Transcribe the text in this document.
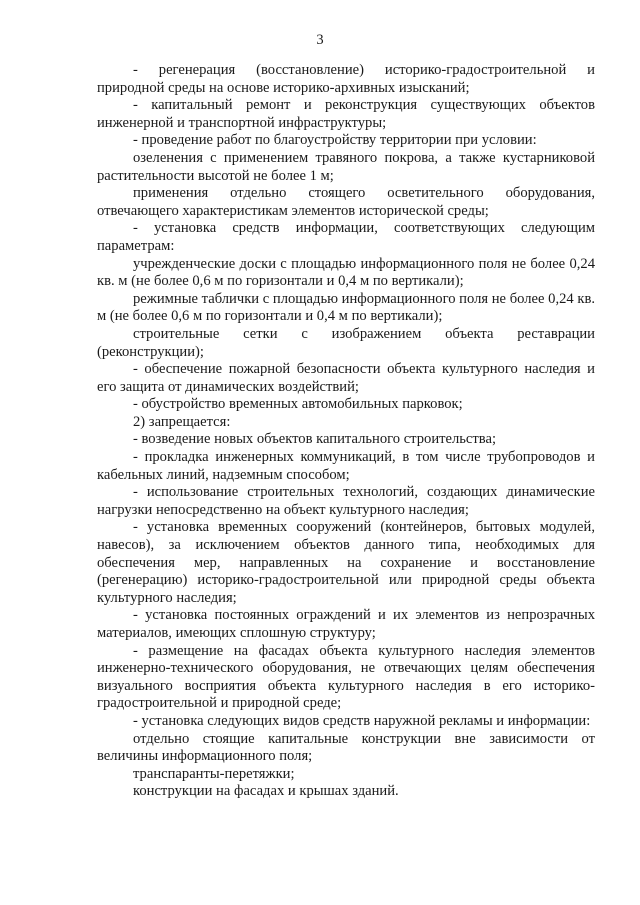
3

- регенерация (восстановление) историко-градостроительной и природной среды на основе историко-архивных изысканий;

- капитальный ремонт и реконструкция существующих объектов инженерной и транспортной инфраструктуры;

- проведение работ по благоустройству территории при условии:

озеленения с применением травяного покрова, а также кустарниковой растительности высотой не более 1 м;

применения отдельно стоящего осветительного оборудования, отвечающего характеристикам элементов исторической среды;

- установка средств информации, соответствующих следующим параметрам:

учрежденческие доски с площадью информационного поля не более 0,24 кв. м (не более 0,6 м по горизонтали и 0,4 м по вертикали);

режимные таблички с площадью информационного поля не более 0,24 кв. м (не более 0,6 м по горизонтали и 0,4 м по вертикали);

строительные сетки с изображением объекта реставрации (реконструкции);

- обеспечение пожарной безопасности объекта культурного наследия и его защита от динамических воздействий;

- обустройство временных автомобильных парковок;

2) запрещается:

- возведение новых объектов капитального строительства;

- прокладка инженерных коммуникаций, в том числе трубопроводов и кабельных линий, надземным способом;

- использование строительных технологий, создающих динамические нагрузки непосредственно на объект культурного наследия;

- установка временных сооружений (контейнеров, бытовых модулей, навесов), за исключением объектов данного типа, необходимых для обеспечения мер, направленных на сохранение и восстановление (регенерацию) историко-градостроительной или природной среды объекта культурного наследия;

- установка постоянных ограждений и их элементов из непрозрачных материалов, имеющих сплошную структуру;

- размещение на фасадах объекта культурного наследия элементов инженерно-технического оборудования, не отвечающих целям обеспечения визуального восприятия объекта культурного наследия в его историко-градостроительной и природной среде;

- установка следующих видов средств наружной рекламы и информации:

отдельно стоящие капитальные конструкции вне зависимости от величины информационного поля;

транспаранты-перетяжки;

конструкции на фасадах и крышах зданий.
